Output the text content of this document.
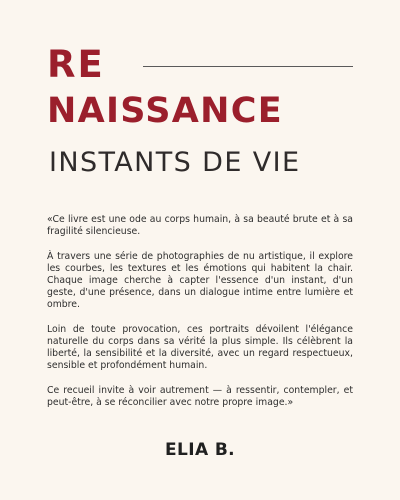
RE
NAISSANCE
INSTANTS DE VIE

«Ce livre est une ode au corps humain, à sa beauté brute et à sa fragilité silencieuse.

À travers une série de photographies de nu artistique, il explore les courbes, les textures et les émotions qui habitent la chair. Chaque image cherche à capter l'essence d'un instant, d'un geste, d'une présence, dans un dialogue intime entre lumière et ombre.

Loin de toute provocation, ces portraits dévoilent l'élégance naturelle du corps dans sa vérité la plus simple. Ils célèbrent la liberté, la sensibilité et la diversité, avec un regard respectueux, sensible et profondément humain.

Ce recueil invite à voir autrement — à ressentir, contempler, et peut-être, à se réconcilier avec notre propre image.»

ELIA B.
